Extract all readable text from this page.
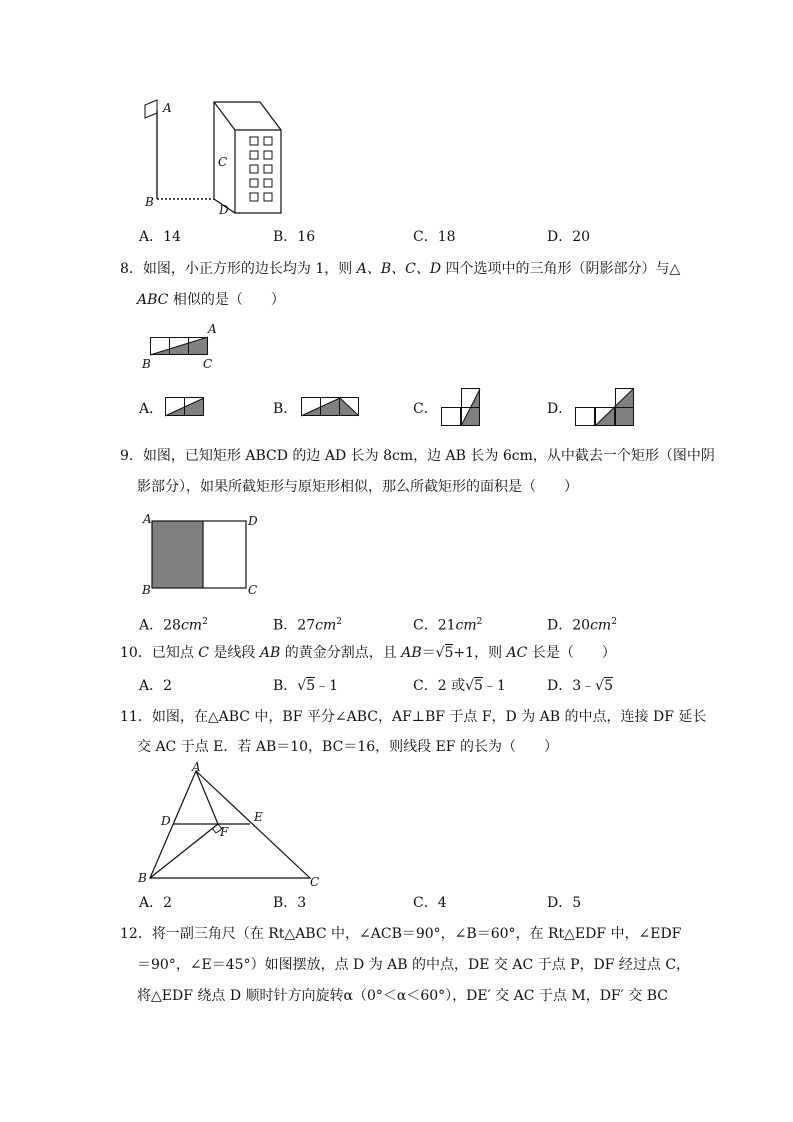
A
B
C
D
A．14	B．16	C．18	D．20
8．如图，小正方形的边长均为 1，则 A、B、C、D 四个选项中的三角形（阴影部分）与△
ABC 相似的是（　　）
A
B	C
A．	B．	C．	D．
9．如图，已知矩形 ABCD 的边 AD 长为 8cm，边 AB 长为 6cm，从中截去一个矩形（图中阴
影部分），如果所截矩形与原矩形相似，那么所截矩形的面积是（　　）
A	D
B	C
A．$28cm^2$	B．$27cm^2$	C．$21cm^2$	D．$20cm^2$
10．已知点 C 是线段 AB 的黄金分割点，且 AB＝√5+1，则 AC 长是（　　）
A．2	B．√5﹣1	C．2 或√5﹣1	D．3﹣√5
11．如图，在△ABC 中，BF 平分∠ABC，AF⊥BF 于点 F，D 为 AB 的中点，连接 DF 延长
交 AC 于点 E．若 AB＝10，BC＝16，则线段 EF 的长为（　　）
A
D	E
F
B	C
A．2	B．3	C．4	D．5
12．将一副三角尺（在 Rt△ABC 中，∠ACB＝90°，∠B＝60°，在 Rt△EDF 中，∠EDF
＝90°，∠E＝45°）如图摆放，点 D 为 AB 的中点，DE 交 AC 于点 P，DF 经过点 C，
将△EDF 绕点 D 顺时针方向旋转α（0°＜α＜60°），DE′ 交 AC 于点 M，DF′ 交 BC
